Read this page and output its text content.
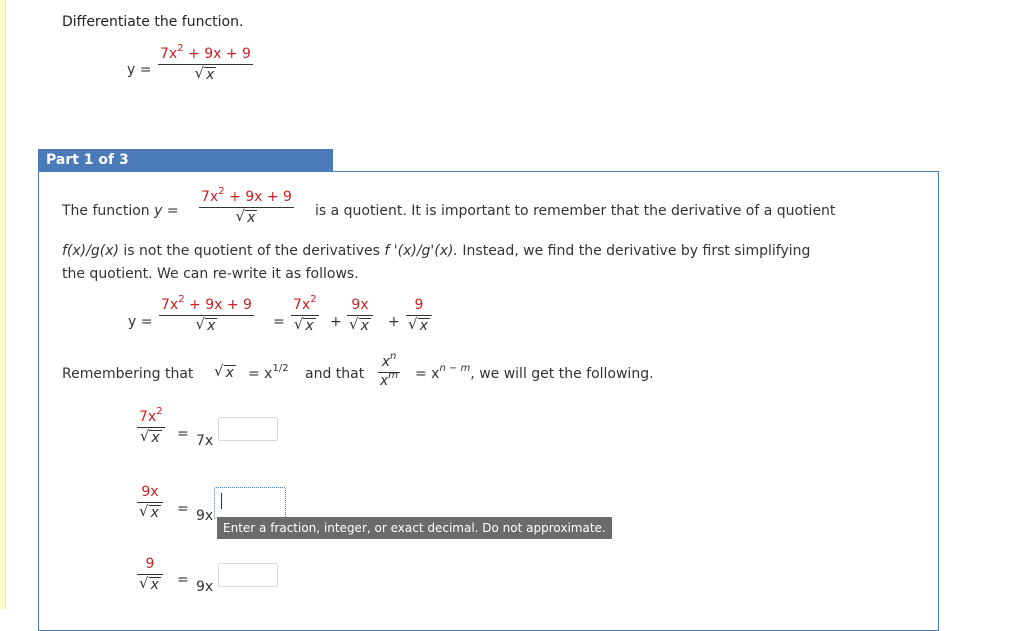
Differentiate the function.
y =
$7x^2 + 9x + 9$
√ x
Part 1 of 3
The function y =
$7x^2 + 9x + 9$
√ x	is a quotient. It is important to remember that the derivative of a quotient
f(x)/g(x) is not the quotient of the derivatives f '(x)/g'(x). Instead, we find the derivative by first simplifying
the quotient. We can re-write it as follows.
y =
$7x^2 + 9x + 9$
√ x	=
$7x^2$
√ x +
9x
√ x +
9
√ x
Remembering that √ $x = x^{1/2}$ and that
$x^n$
$x^m = x^{n - m}$, we will get the following.
$7x^2$
√ x = 7x
9x
√ x = 9x
Enter a fraction, integer, or exact decimal. Do not approximate.
9
√ x = 9x
